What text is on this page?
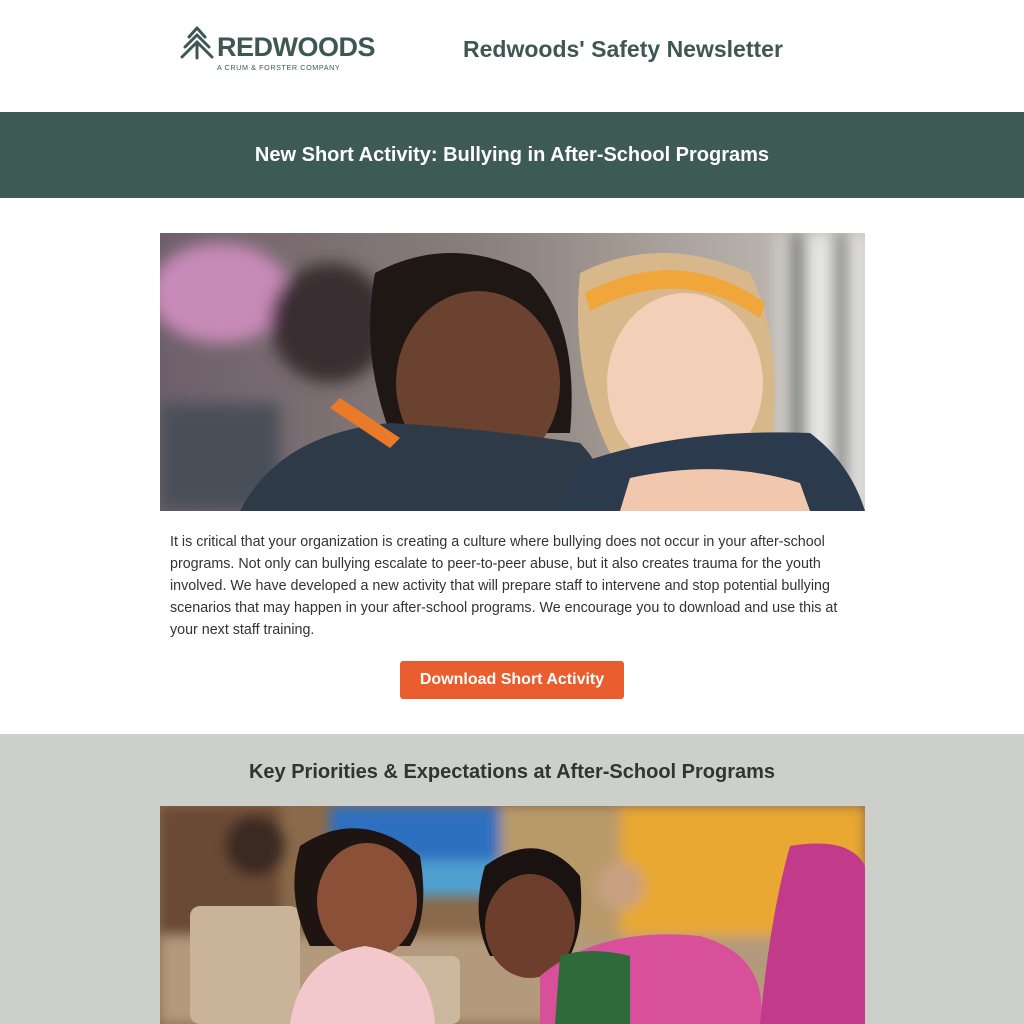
REDWOODS
A CRUM & FORSTER COMPANY
Redwoods' Safety Newsletter
New Short Activity: Bullying in After-School Programs

It is critical that your organization is creating a culture where bullying does not occur in your after-school programs. Not only can bullying escalate to peer-to-peer abuse, but it also creates trauma for the youth involved. We have developed a new activity that will prepare staff to intervene and stop potential bullying scenarios that may happen in your after-school programs. We encourage you to download and use this at your next staff training.

Download Short Activity
Key Priorities & Expectations at After-School Programs
